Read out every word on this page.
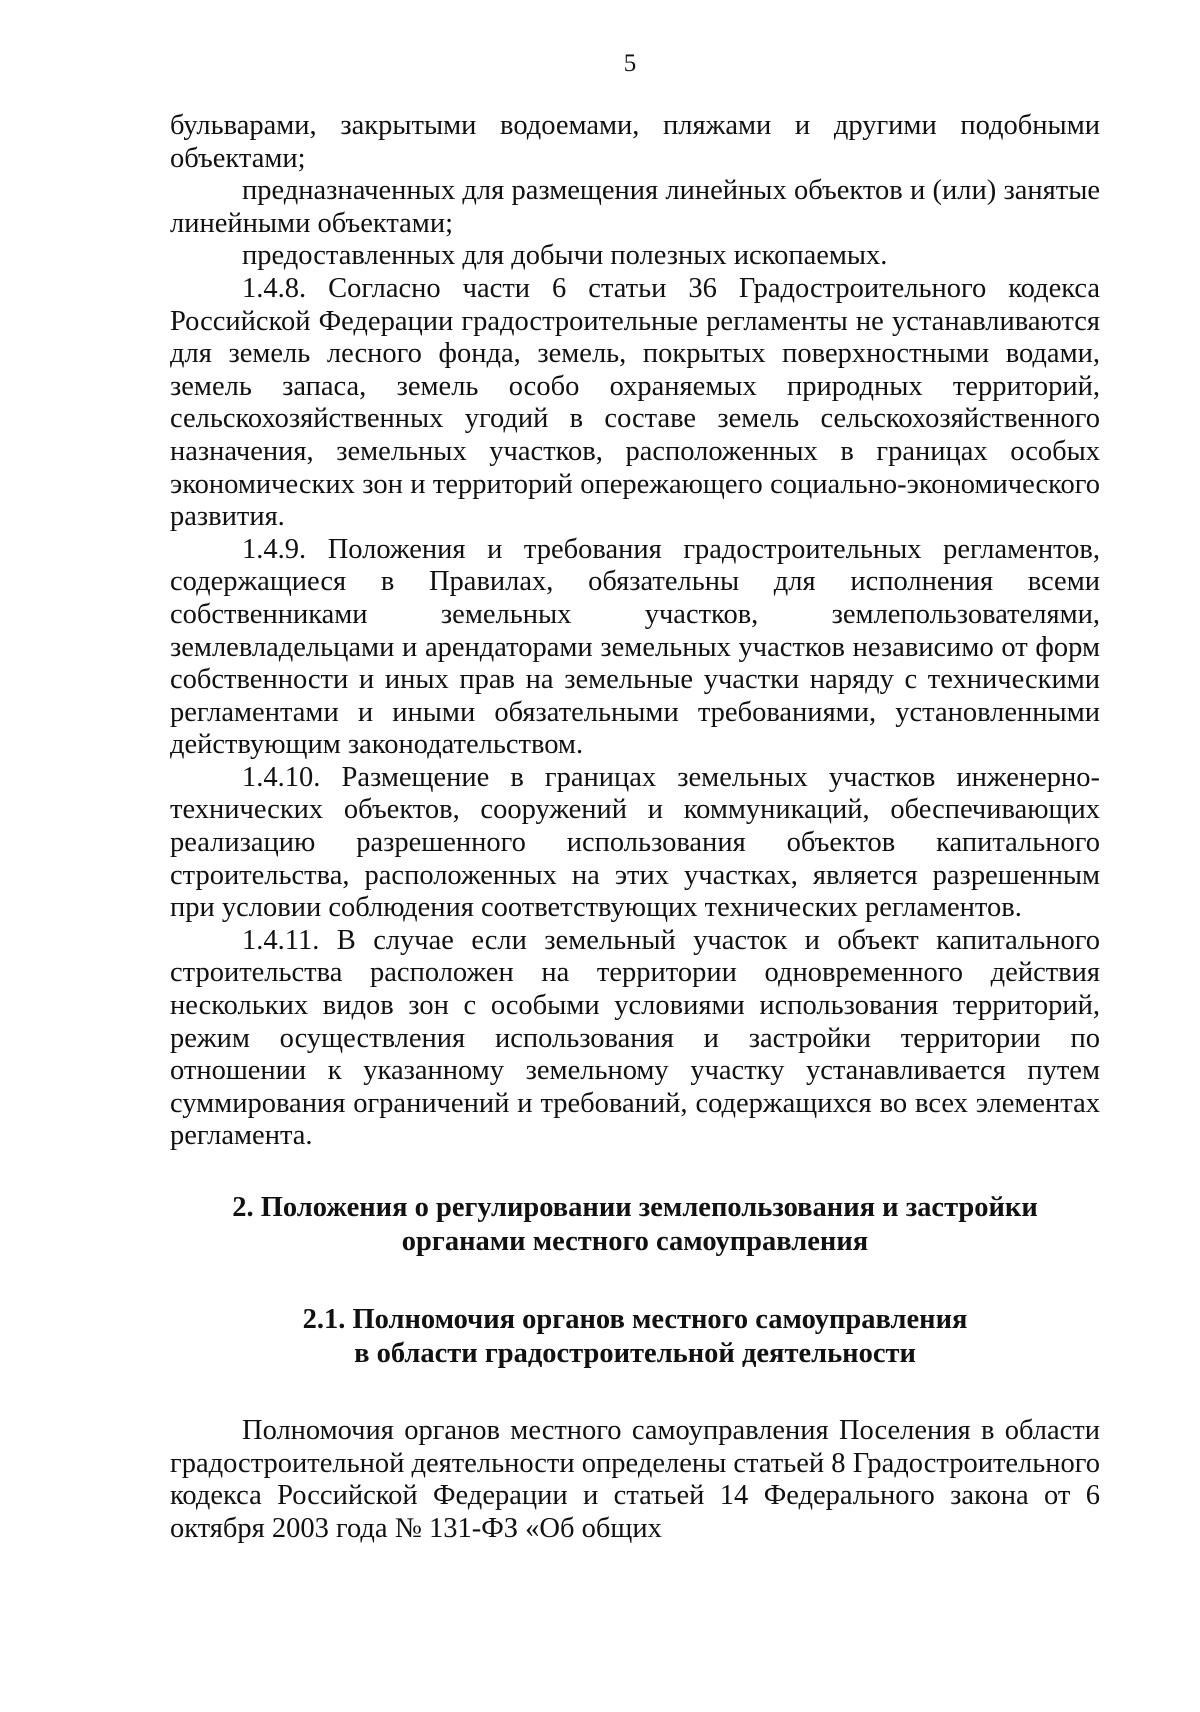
5

бульварами, закрытыми водоемами, пляжами и другими подобными объектами;

предназначенных для размещения линейных объектов и (или) занятые линейными объектами;

предоставленных для добычи полезных ископаемых.

1.4.8. Согласно части 6 статьи 36 Градостроительного кодекса Российской Федерации градостроительные регламенты не устанавливаются для земель лесного фонда, земель, покрытых поверхностными водами, земель запаса, земель особо охраняемых природных территорий, сельскохозяйственных угодий в составе земель сельскохозяйственного назначения, земельных участков, расположенных в границах особых экономических зон и территорий опережающего социально-экономического развития.

1.4.9. Положения и требования градостроительных регламентов, содержащиеся в Правилах, обязательны для исполнения всеми собственниками земельных участков, землепользователями, землевладельцами и арендаторами земельных участков независимо от форм собственности и иных прав на земельные участки наряду с техническими регламентами и иными обязательными требованиями, установленными действующим законодательством.

1.4.10. Размещение в границах земельных участков инженерно-технических объектов, сооружений и коммуникаций, обеспечивающих реализацию разрешенного использования объектов капитального строительства, расположенных на этих участках, является разрешенным при условии соблюдения соответствующих технических регламентов.

1.4.11. В случае если земельный участок и объект капитального строительства расположен на территории одновременного действия нескольких видов зон с особыми условиями использования территорий, режим осуществления использования и застройки территории по отношении к указанному земельному участку устанавливается путем суммирования ограничений и требований, содержащихся во всех элементах регламента.

2. Положения о регулировании землепользования и застройки
органами местного самоуправления
2.1. Полномочия органов местного самоуправления
в области градостроительной деятельности

Полномочия органов местного самоуправления Поселения в области градостроительной деятельности определены статьей 8 Градостроительного кодекса Российской Федерации и статьей 14 Федерального закона от 6 октября 2003 года № 131-ФЗ «Об общих
